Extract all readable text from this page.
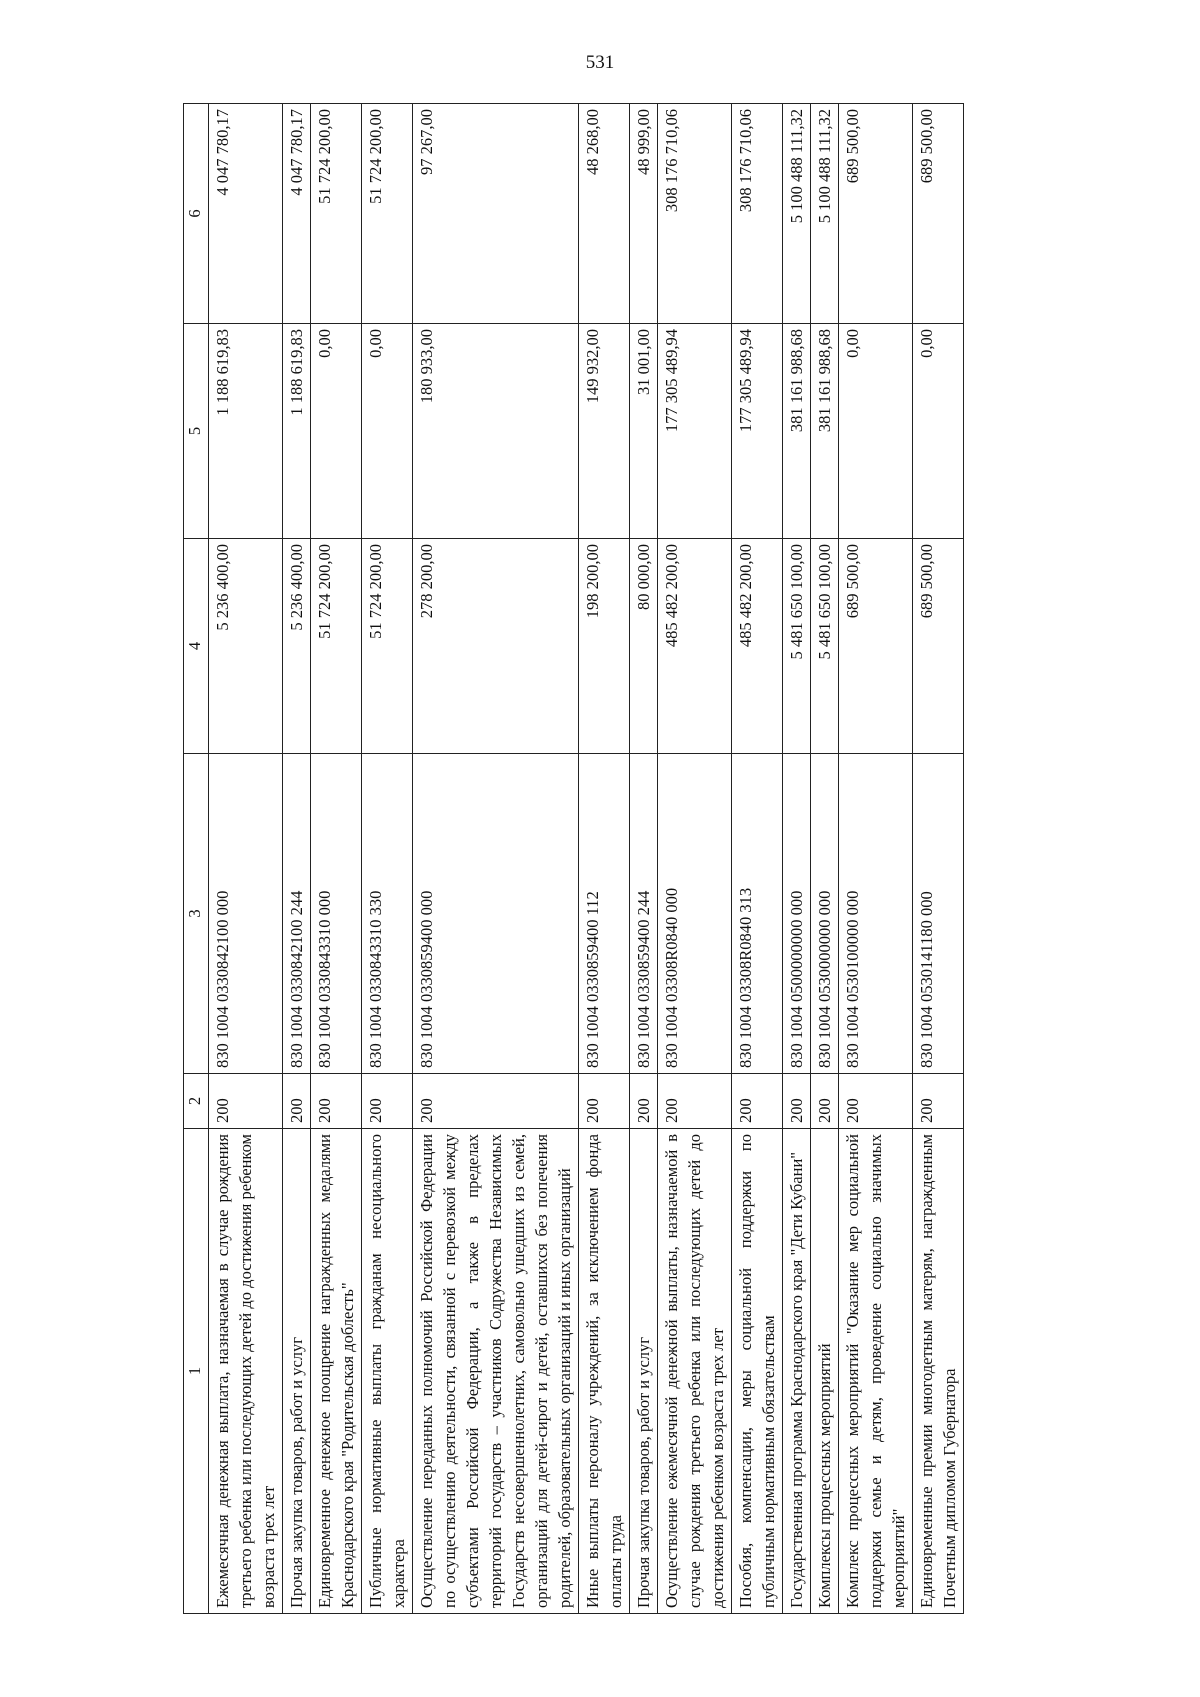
531
1	2	3	4	5	6
Ежемесячная денежная выплата, назначаемая в случае рождения третьего ребенка или последующих детей до достижения ребенком возраста трех лет	200	830 1004 0330842100 000	5 236 400,00	1 188 619,83	4 047 780,17
Прочая закупка товаров, работ и услуг	200	830 1004 0330842100 244	5 236 400,00	1 188 619,83	4 047 780,17
Единовременное денежное поощрение награжденных медалями Краснодарского края "Родительская доблесть"	200	830 1004 0330843310 000	51 724 200,00	0,00	51 724 200,00
Публичные нормативные выплаты гражданам несоциального характера	200	830 1004 0330843310 330	51 724 200,00	0,00	51 724 200,00
Осуществление переданных полномочий Российской Федерации по осуществлению деятельности, связанной с перевозкой между субъектами Российской Федерации, а также в пределах территорий государств – участников Содружества Независимых Государств несовершеннолетних, самовольно ушедших из семей, организаций для детей-сирот и детей, оставшихся без попечения родителей, образовательных организаций и иных организаций	200	830 1004 0330859400 000	278 200,00	180 933,00	97 267,00
Иные выплаты персоналу учреждений, за исключением фонда оплаты труда	200	830 1004 0330859400 112	198 200,00	149 932,00	48 268,00
Прочая закупка товаров, работ и услуг	200	830 1004 0330859400 244	80 000,00	31 001,00	48 999,00
Осуществление ежемесячной денежной выплаты, назначаемой в случае рождения третьего ребенка или последующих детей до достижения ребенком возраста трех лет	200	830 1004 03308R0840 000	485 482 200,00	177 305 489,94	308 176 710,06
Пособия, компенсации, меры социальной поддержки по публичным нормативным обязательствам	200	830 1004 03308R0840 313	485 482 200,00	177 305 489,94	308 176 710,06
Государственная программа Краснодарского края "Дети Кубани"	200	830 1004 0500000000 000	5 481 650 100,00	381 161 988,68	5 100 488 111,32
Комплексы процессных мероприятий	200	830 1004 0530000000 000	5 481 650 100,00	381 161 988,68	5 100 488 111,32
Комплекс процессных мероприятий "Оказание мер социальной поддержки семье и детям, проведение социально значимых мероприятий"	200	830 1004 0530100000 000	689 500,00	0,00	689 500,00
Единовременные премии многодетным матерям, награжденным Почетным дипломом Губернатора	200	830 1004 0530141180 000	689 500,00	0,00	689 500,00
